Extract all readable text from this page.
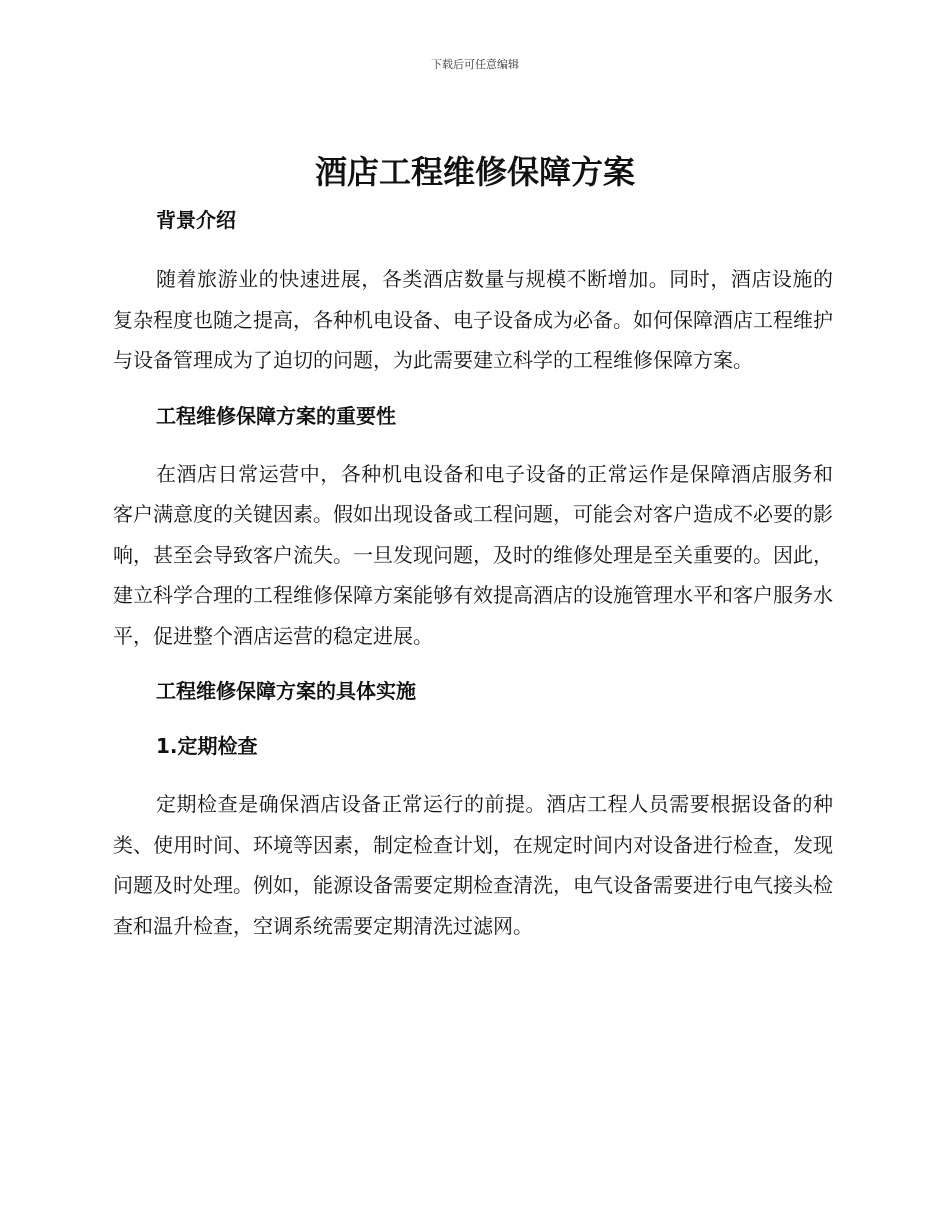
下载后可任意编辑
酒店工程维修保障方案
背景介绍

随着旅游业的快速进展，各类酒店数量与规模不断增加。同时，酒店设施的复杂程度也随之提高，各种机电设备、电子设备成为必备。如何保障酒店工程维护与设备管理成为了迫切的问题，为此需要建立科学的工程维修保障方案。

工程维修保障方案的重要性

在酒店日常运营中，各种机电设备和电子设备的正常运作是保障酒店服务和客户满意度的关键因素。假如出现设备或工程问题，可能会对客户造成不必要的影响，甚至会导致客户流失。一旦发现问题，及时的维修处理是至关重要的。因此，建立科学合理的工程维修保障方案能够有效提高酒店的设施管理水平和客户服务水平，促进整个酒店运营的稳定进展。

工程维修保障方案的具体实施
1.定期检查

定期检查是确保酒店设备正常运行的前提。酒店工程人员需要根据设备的种类、使用时间、环境等因素，制定检查计划，在规定时间内对设备进行检查，发现问题及时处理。例如，能源设备需要定期检查清洗，电气设备需要进行电气接头检查和温升检查，空调系统需要定期清洗过滤网。
